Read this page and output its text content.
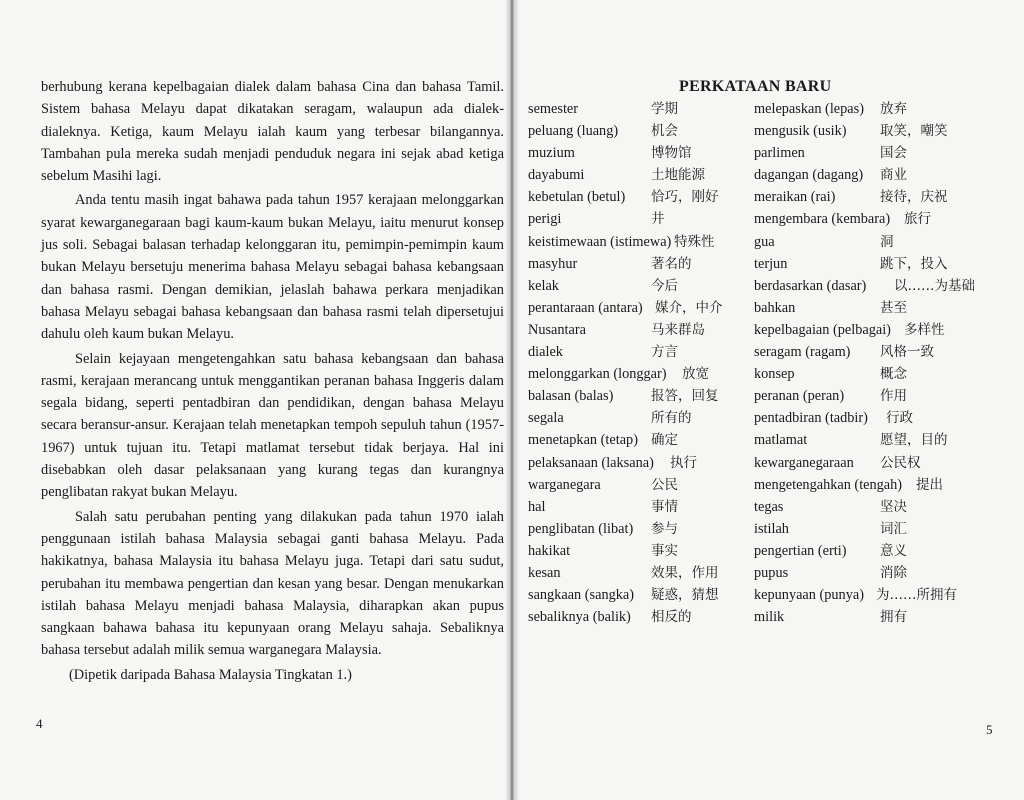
berhubung kerana kepelbagaian dialek dalam bahasa Cina dan bahasa Tamil. Sistem bahasa Melayu dapat dikatakan seragam, walaupun ada dialek-dialeknya. Ketiga, kaum Melayu ialah kaum yang terbesar bilangannya. Tambahan pula mereka sudah menjadi penduduk negara ini sejak abad ketiga sebelum Masihi lagi.

Anda tentu masih ingat bahawa pada tahun 1957 kerajaan melonggarkan syarat kewarganegaraan bagi kaum-kaum bukan Melayu, iaitu menurut konsep jus soli. Sebagai balasan terhadap kelonggaran itu, pemimpin-pemimpin kaum bukan Melayu bersetuju menerima bahasa Melayu sebagai bahasa kebangsaan dan bahasa rasmi. Dengan demikian, jelaslah bahawa perkara menjadikan bahasa Melayu sebagai bahasa kebangsaan dan bahasa rasmi telah dipersetujui dahulu oleh kaum bukan Melayu.

Selain kejayaan mengetengahkan satu bahasa kebangsaan dan bahasa rasmi, kerajaan merancang untuk menggantikan peranan bahasa Inggeris dalam segala bidang, seperti pentadbiran dan pendidikan, dengan bahasa Melayu secara beransur-ansur. Kerajaan telah menetapkan tempoh sepuluh tahun (1957-1967) untuk tujuan itu. Tetapi matlamat tersebut tidak berjaya. Hal ini disebabkan oleh dasar pelaksanaan yang kurang tegas dan kurangnya penglibatan rakyat bukan Melayu.

Salah satu perubahan penting yang dilakukan pada tahun 1970 ialah penggunaan istilah bahasa Malaysia sebagai ganti bahasa Melayu. Pada hakikatnya, bahasa Malaysia itu bahasa Melayu juga. Tetapi dari satu sudut, perubahan itu membawa pengertian dan kesan yang besar. Dengan menukarkan istilah bahasa Melayu menjadi bahasa Malaysia, diharapkan akan pupus sangkaan bahawa bahasa itu kepunyaan orang Melayu sahaja. Sebaliknya bahasa tersebut adalah milik semua warganegara Malaysia.

(Dipetik daripada Bahasa Malaysia Tingkatan 1.)

4
PERKATAAN BARU
semester	学期
peluang (luang) 机会
muzium	博物馆
dayabumi	土地能源
kebetulan (betul) 恰巧，刚好
perigi	井
keistimewaan (istimewa) 特殊性
masyhur	著名的
kelak	今后
perantaraan (antara) 媒介，中介
Nusantara	马来群岛
dialek	方言
melonggarkan (longgar) 放宽
balasan (balas)	报答，回复
segala	所有的
menetapkan (tetap) 确定
pelaksanaan (laksana) 执行
warganegara	公民
hal	事情
penglibatan (libat) 参与
hakikat	事实
kesan	效果，作用
sangkaan (sangka) 疑惑，猜想
sebaliknya (balik) 相反的
melepaskan (lepas) 放弃
mengusik (usik) 取笑，嘲笑
parlimen	国会
dagangan (dagang) 商业
meraikan (rai)	接待，庆祝
mengembara (kembara) 旅行
gua	洞
terjun	跳下，投入
berdasarkan (dasar) 以……为基础
bahkan	甚至
kepelbagaian (pelbagai) 多样性
seragam (ragam) 风格一致
konsep	概念
peranan (peran)	作用
pentadbiran (tadbir) 行政
matlamat	愿望，目的
kewarganegaraan 公民权
mengetengahkan (tengah) 提出
tegas	坚决
istilah	词汇
pengertian (erti) 意义
pupus	消除
kepunyaan (punya) 为……所拥有
milik	拥有
5
